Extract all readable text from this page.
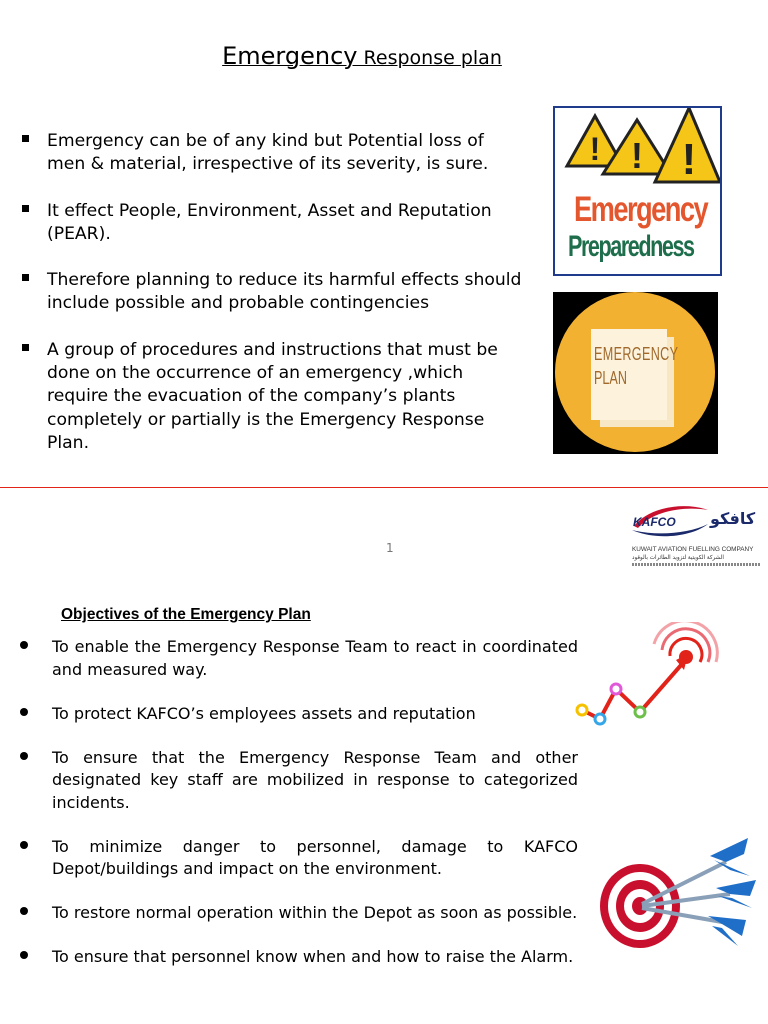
Emergency Response plan
Emergency can be of any kind but Potential loss of men & material, irrespective of its severity, is sure.
It effect People, Environment, Asset and Reputation (PEAR).
Therefore planning to reduce its harmful effects should include possible and probable contingencies
A group of procedures and instructions that must be done on the occurrence of an emergency ,which require the evacuation of the company’s plants completely or partially is the Emergency Response Plan.
! ! !
Emergency
Preparedness
EMERGENCY
PLAN
1
KAFCO كافكو
KUWAIT AVIATION FUELLING COMPANY
الشركة الكويتية لتزويد الطائرات بالوقود
Objectives of the Emergency Plan
To enable the Emergency Response Team to react in coordinated and measured way.
To protect KAFCO’s employees assets and reputation
To ensure that the Emergency Response Team and other designated key staff are mobilized in response to categorized incidents.
To minimize danger to personnel, damage to KAFCO Depot/buildings and impact on the environment.
To restore normal operation within the Depot as soon as possible.
To ensure that personnel know when and how to raise the Alarm.
